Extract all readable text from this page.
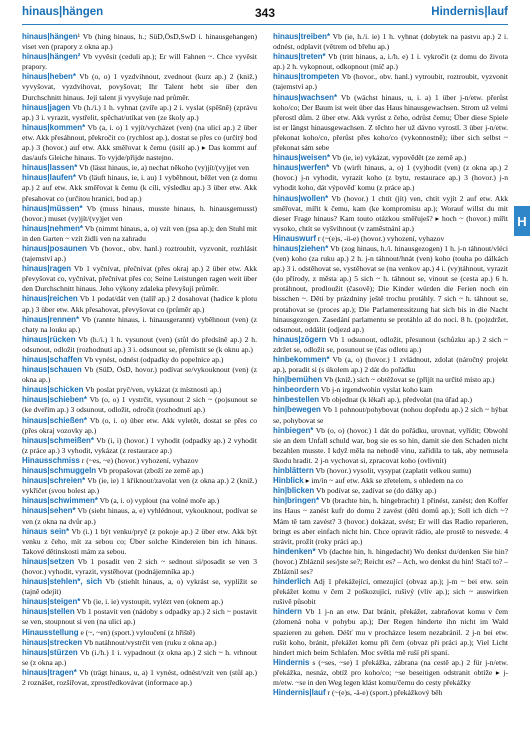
hinaus|hängen	343	Hindernis|lauf

hinaus|hängen¹ Vb (hing hinaus, h.; SüD,ÖsD,SwD i. hinausgehangen) viset ven (prapory z okna ap.)

hinaus|hängen² Vb vyvěsit (ceduli ap.); Er will Fahnen ~. Chce vyvěsit prapory.

hinaus|heben* Vb (o, o) 1 vyzdvihnout, zvednout (kurz ap.) 2 (kniž.) vyvyšovat, vyzdvihovat, povyšovat; Ihr Talent hebt sie über den Durchschnitt hinaus. Její talent ji vyvyšuje nad průměr.

hinaus|jagen Vb (h./i.) 1 h. vyhnat (zvíře ap.) 2 i. vyslat (spěšně) (zprávu ap.) 3 i. vyrazit, vystřelit, spěchat/utíkat ven (ze školy ap.)

hinaus|kommen* Vb (a, i. o) 1 vyjít/vycházet (ven) (na ulici ap.) 2 über etw. Akk přesáhnout, překročit co (rychlost ap.), dostat se přes co (určitý bod ap.) 3 (hovor.) auf etw. Akk směřovat k čemu (úsilí ap.) ▸ Das kommt auf das/aufs Gleiche hinaus. To vyjde/přijde nastejno.

hinaus|lassen* Vb (lässt hinaus, ie, a) nechat někoho (vy)jít/(vy)jet ven

hinaus|laufen* Vb (läuft hinaus, ie, i. au) 1 vyběhnout, běžet ven (z domu ap.) 2 auf etw. Akk směřovat k čemu (k cíli, výsledku ap.) 3 über etw. Akk přesahovat co (určitou hranici, bod ap.)

hinaus|müssen* Vb (muss hinaus, musste hinaus, h. hinausgemusst) (hovor.) muset (vy)jít/(vy)jet ven

hinaus|nehmen* Vb (nimmt hinaus, a, o) vzít ven (psa ap.); den Stuhl mit in den Garten ~ vzít židli ven na zahradu

hinaus|posaunen Vb (hovor., obv. hanl.) roztroubit, vyzvonit, rozhlásit (tajemství ap.)

hinaus|ragen Vb 1 vyčnívat, přečnívat (přes okraj ap.) 2 über etw. Akk převyšovat co, vyčnívat, přečnívat přes co; Seine Leistungen ragen weit über den Durchschnitt hinaus. Jeho výkony zdaleka převyšují průměr.

hinaus|reichen Vb 1 podat/dát ven (talíř ap.) 2 dosahovat (hadice k plotu ap.) 3 über etw. Akk přesahovat, převyšovat co (průměr ap.)

hinaus|rennen* Vb (rannte hinaus, i. hinausgerannt) vyběhnout (ven) (z chaty na louku ap.)

hinaus|rücken Vb (h./i.) 1 h. vysunout (ven) (stůl do předsíně ap.) 2 h. odsunout, odložit (rozhodnutí ap.) 3 i. odsunout se, přemístit se (k oknu ap.)

hinaus|schaffen Vb vynést, odnést (odpadky do popelnice ap.)

hinaus|schauen Vb (SüD, ÖsD, hovor.) podívat se/vykouknout (ven) (z okna ap.)

hinaus|schicken Vb poslat pryč/ven, vykázat (z místnosti ap.)

hinaus|schieben* Vb (o, o) 1 vystrčit, vysunout 2 sich ~ (po)sunout se (ke dveřím ap.) 3 odsunout, odložit, odročit (rozhodnutí ap.)

hinaus|schießen* Vb (o, i. o) über etw. Akk vyletět, dostat se přes co (přes okraj vozovky ap.)

hinaus|schmeißen* Vb (i, i) (hovor.) 1 vyhodit (odpadky ap.) 2 vyhodit (z práce ap.) 3 vyhodit, vykázat (z restaurace ap.)

Hinausschmiss r (~es, ~e) (hovor.) vyhození, vyhazov

hinaus|schmuggeln Vb propašovat (zboží ze země ap.)

hinaus|schreien* Vb (ie, ie) 1 křiknout/zavolat ven (z okna ap.) 2 (kniž.) vykřičet (svou bolest ap.)

hinaus|schwimmen* Vb (a, i. o) vyplout (na volné moře ap.)

hinaus|sehen* Vb (sieht hinaus, a, e) vyhlédnout, vykouknout, podívat se ven (z okna na dvůr ap.)

hinaus sein* Vb (i.) 1 být venku/pryč (z pokoje ap.) 2 über etw. Akk být venku z čeho, mít za sebou co; Über solche Kindereien bin ich hinaus. Takové dětinskosti mám za sebou.

hinaus|setzen Vb 1 posadit ven 2 sich ~ sednout si/posadit se ven 3 (hovor.) vyhodit, vyrazit, vystěhovat (podnájemníka ap.)

hinaus|stehlen*, sich Vb (stiehlt hinaus, a, o) vykrást se, vyplížit se (tajně odejít)

hinaus|steigen* Vb (ie, i. ie) vystoupit, vylézt ven (oknem ap.)

hinaus|stellen Vb 1 postavit ven (nádoby s odpadky ap.) 2 sich ~ postavit se ven, stoupnout si ven (na ulici ap.)

Hinausstellung e (~, ~en) (sport.) vyloučení (z hřiště)

hinaus|strecken Vb natáhnout/vystrčit ven (ruku z okna ap.)

hinaus|stürzen Vb (i./h.) 1 i. vypadnout (z okna ap.) 2 sich ~ h. vrhnout se (z okna ap.)

hinaus|tragen* Vb (trägt hinaus, u, a) 1 vynést, odnést/vzít ven (stůl ap.) 2 roznášet, rozšiřovat, zprostředkovávat (informace ap.)

hinaus|treiben* Vb (ie, h./i. ie) 1 h. vyhnat (dobytek na pastvu ap.) 2 i. odnést, odplavit (větrem od břehu ap.)

hinaus|treten* Vb (tritt hinaus, a, i./h. e) 1 i. vykročit (z domu do života ap.) 2 h. vykopnout, odkopnout (míč ap.)

hinaus|trompeten Vb (hovor., obv. hanl.) vytroubit, roztroubit, vyzvonit (tajemství ap.)

hinaus|wachsen* Vb (wächst hinaus, u, i. a) 1 über j-n/etw. přerůst koho/co; Der Baum ist weit über das Haus hinausgewachsen. Strom už velmi přerostl dům. 2 über etw. Akk vyrůst z čeho, odrůst čemu; Über diese Spiele ist er längst hinausgewachsen. Z těchto her už dávno vyrostl. 3 über j-n/etw. překonat koho/co, přerůst přes koho/co (vykonnostně); über sich selbst ~ překonat sám sebe

hinaus|weisen* Vb (ie, ie) vykázat, vypovědět (ze země ap.)

hinaus|werfen* Vb (wirft hinaus, a, o) 1 (vy)hodit (ven) (z okna ap.) 2 (hovor.) j-n vyhodit, vyrazit koho (z bytu, restaurace ap.) 3 (hovor.) j-n vyhodit koho, dát výpověď komu (z práce ap.)

hinaus|wollen* Vb (hovor.) 1 chtít (jít) ven, chtít vyjít 2 auf etw. Akk směřovat, mířit k čemu, kam (ke kompromisu ap.); Worauf willst du mit dieser Frage hinaus? Kam touto otázkou směřuješ? ▸ hoch ~ (hovor.) mířit vysoko, chtít se vyšvihnout (v zaměstnání ap.)

Hinauswurf r (~(e)s, -ü-e) (hovor.) vyhození, vyhazov

hinaus|ziehen* Vb (zog hinaus, h./i. hinausgezogen) 1 h. j-n táhnout/vléci (ven) koho (za ruku ap.) 2 h. j-n táhnout/hnát (ven) koho (touha po dálkách ap.) 3 i. odstěhovat se, vystěhovat se (na venkov ap.) 4 i. (vy)táhnout, vyrazit (do přírody, z města ap.) 5 sich ~ h. táhnout se, vinout se (cesta ap.) 6 h. protáhnout, prodloužit (časově); Die Kinder würden die Ferien noch ein bisschen ~. Děti by prázdniny ještě trochu protáhly. 7 sich ~ h. táhnout se, protahovat se (proces ap.); Die Parlamentssitzung hat sich bis in die Nacht hinausgezogen. Zasedání parlamentu se protáhlo až do noci. 8 h. (po)zdržet, odsunout, oddálit (odjezd ap.)

hinaus|zögern Vb 1 odsunout, odložit, přesunout (schůzku ap.) 2 sich ~ zdržet se, odložit se, posunout se (čas odletu ap.)

hinbekommen* Vb (a, o) (hovor.) 1 zvládnout, zdolat (náročný projekt ap.), poradit si (s úkolem ap.) 2 dát do pořádku

hin|bemühen Vb (kniž.) sich ~ obtěžovat se (přijít na určité místo ap.)

hinbeordern Vb j-n irgendwohin vyslat koho kam

hinbestellen Vb objednat (k lékaři ap.), předvolat (na úřad ap.)

hin|bewegen Vb 1 pohnout/pohybovat (nohou dopředu ap.) 2 sich ~ hýbat se, pohybovat se

hinbiegen* Vb (o, o) (hovor.) 1 dát do pořádku, urovnat, vyřídit; Obwohl sie an dem Unfall schuld war, bog sie es so hin, damit sie den Schaden nicht bezahlen musste. I když měla na nehodě vinu, zařídila to tak, aby nemusela škodu hradit. 2 j-n vychovat si, zpracovat koho (ovlivnit)

hinblättern Vb (hovor.) vysolit, vysypat (zaplatit velkou sumu)

Hinblick ▸ im/in ~ auf etw. Akk se zřetelem, s ohledem na co

hin|blicken Vb podívat se, zadívat se (do dálky ap.)

hin|bringen* Vb (brachte hin, h. hingebracht) 1 přinést, zanést; den Koffer ins Haus ~ zanést kufr do domu 2 zavést (děti domů ap.); Soll ich dich ~? Mám tě tam zavést? 3 (hovor.) dokázat, svést; Er will das Radio reparieren, bringt es aber einfach nicht hin. Chce opravit rádio, ale prostě to nesvede. 4 strávit, prožít (roky práci ap.)

hindenken* Vb (dachte hin, h. hingedacht) Wo denkst du/denken Sie hin? (hovor.) Zbláznil ses/jste se?; Reicht es? – Ach, wo denkst du hin! Stačí to? – Zbláznil ses?

hinderlich Adj 1 překážející, omezující (obvaz ap.); j-m ~ bei etw. sein překážet komu v čem 2 poškozující, rušivý (vliv ap.); sich ~ auswirken rušivě působit

hindern Vb 1 j-n an etw. Dat bránit, překážet, zabraňovat komu v čem (zlomená noha v pohybu ap.); Der Regen hinderte ihn nicht im Wald spazieren zu gehen. Déšť mu v procházce lesem nezabránil. 2 j-n bei etw. rušit koho, bránit, překážet komu při čem (obvaz při práci ap.); Viel Licht hindert mich beim Schlafen. Moc světla mě ruší při spaní.

Hindernis s (~ses, ~se) 1 překážka, zábrana (na cestě ap.) 2 für j-n/etw. překážka, nesnáz, obtíž pro koho/co; ~se beseitigen odstranit obtíže ▸ j-m/etw. ~se in den Weg legen klást komu/čemu do cesty překážky

Hindernis|lauf r (~(e)s, -ä-e) (sport.) překážkový běh

H
